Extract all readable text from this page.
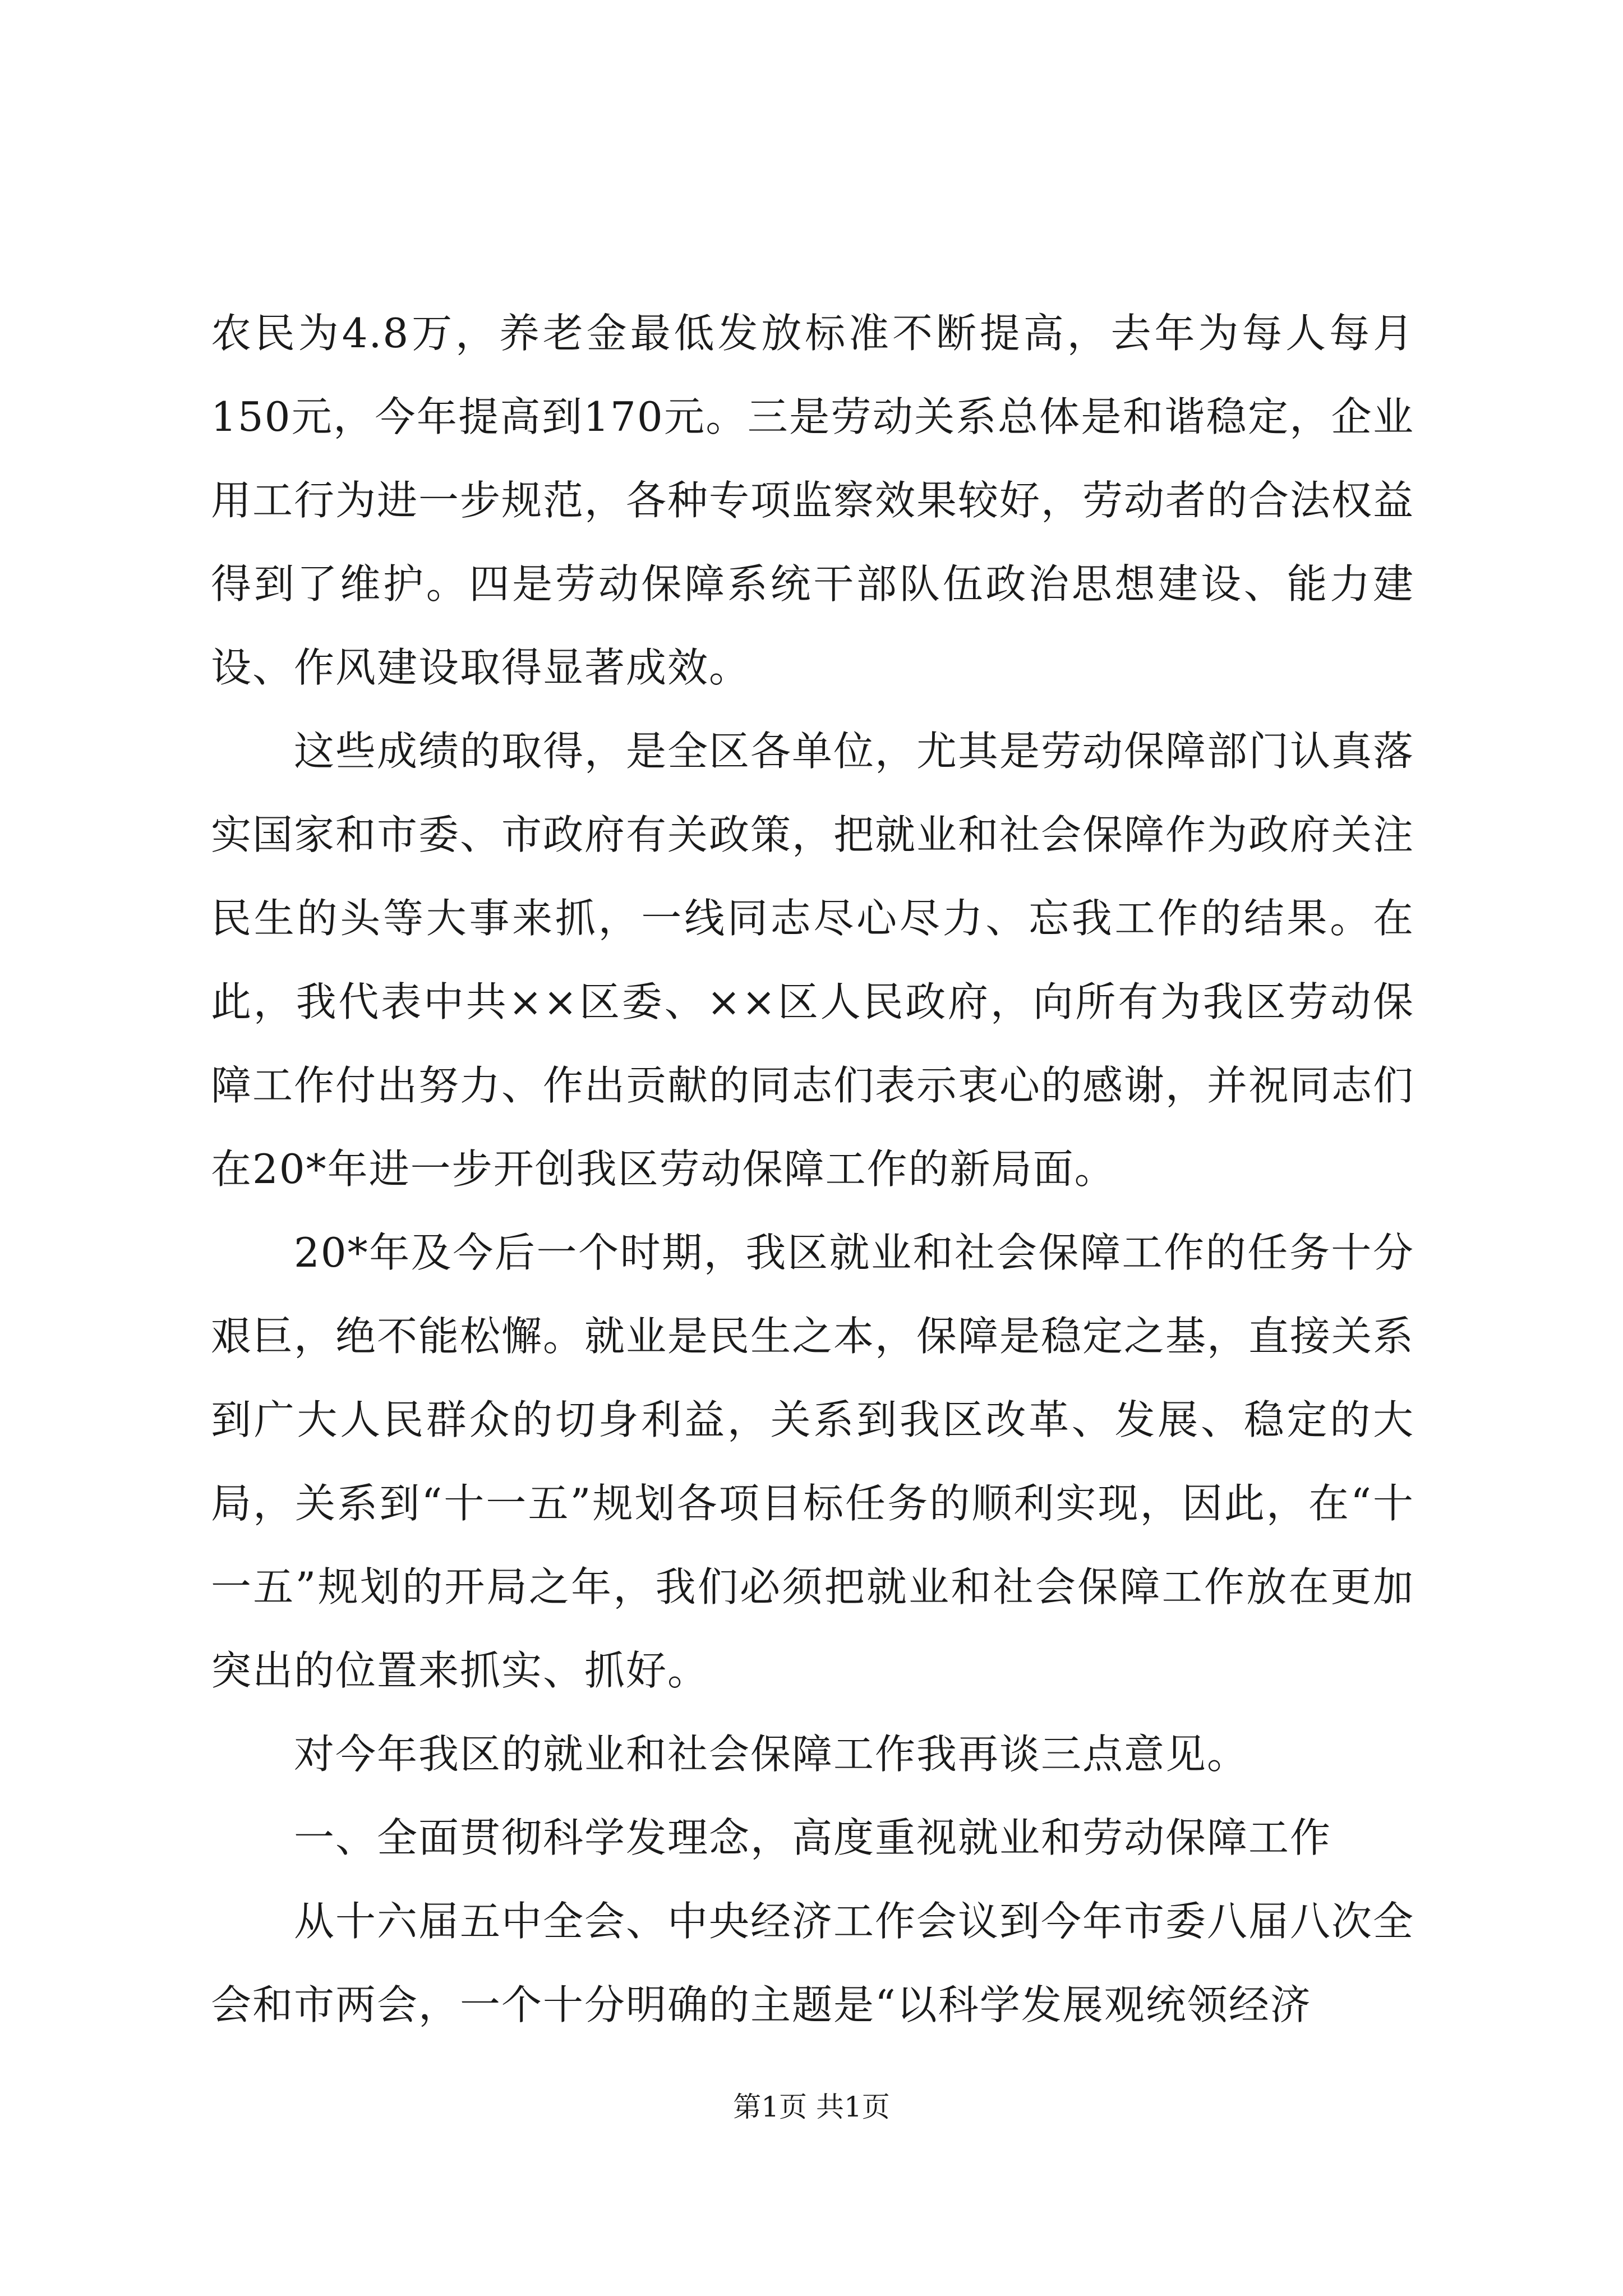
农民为4.8万，养老金最低发放标准不断提高，去年为每人每月150元，今年提高到170元。三是劳动关系总体是和谐稳定，企业用工行为进一步规范，各种专项监察效果较好，劳动者的合法权益得到了维护。四是劳动保障系统干部队伍政治思想建设、能力建设、作风建设取得显著成效。

这些成绩的取得，是全区各单位，尤其是劳动保障部门认真落实国家和市委、市政府有关政策，把就业和社会保障作为政府关注民生的头等大事来抓，一线同志尽心尽力、忘我工作的结果。在此，我代表中共××区委、××区人民政府，向所有为我区劳动保障工作付出努力、作出贡献的同志们表示衷心的感谢，并祝同志们在20*年进一步开创我区劳动保障工作的新局面。

20*年及今后一个时期，我区就业和社会保障工作的任务十分艰巨，绝不能松懈。就业是民生之本，保障是稳定之基，直接关系到广大人民群众的切身利益，关系到我区改革、发展、稳定的大局，关系到“十一五”规划各项目标任务的顺利实现，因此，在“十一五”规划的开局之年，我们必须把就业和社会保障工作放在更加突出的位置来抓实、抓好。

对今年我区的就业和社会保障工作我再谈三点意见。

一、全面贯彻科学发理念，高度重视就业和劳动保障工作

从十六届五中全会、中央经济工作会议到今年市委八届八次全会和市两会，一个十分明确的主题是“以科学发展观统领经济

第1页 共1页
